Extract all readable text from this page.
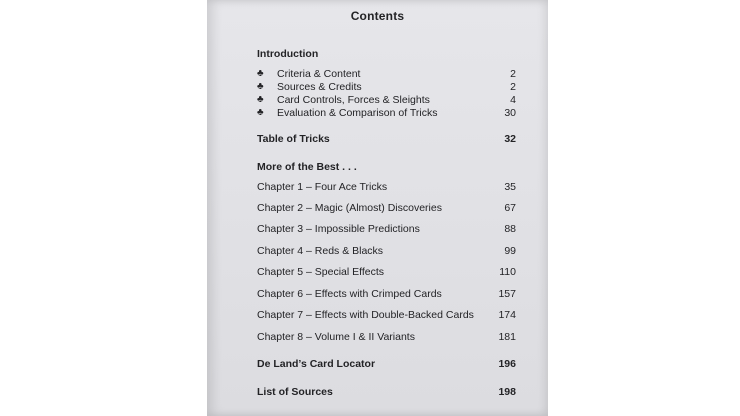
Contents
Introduction
♣ Criteria & Content	2
♣ Sources & Credits	2
♣ Card Controls, Forces & Sleights	4
♣ Evaluation & Comparison of Tricks	30
Table of Tricks	32
More of the Best . . .
Chapter 1 – Four Ace Tricks	35
Chapter 2 – Magic (Almost) Discoveries	67
Chapter 3 – Impossible Predictions	88
Chapter 4 – Reds & Blacks	99
Chapter 5 – Special Effects	110
Chapter 6 – Effects with Crimped Cards	157
Chapter 7 – Effects with Double-Backed Cards 174
Chapter 8 – Volume I & II Variants	181
De Land’s Card Locator	196
List of Sources	198
